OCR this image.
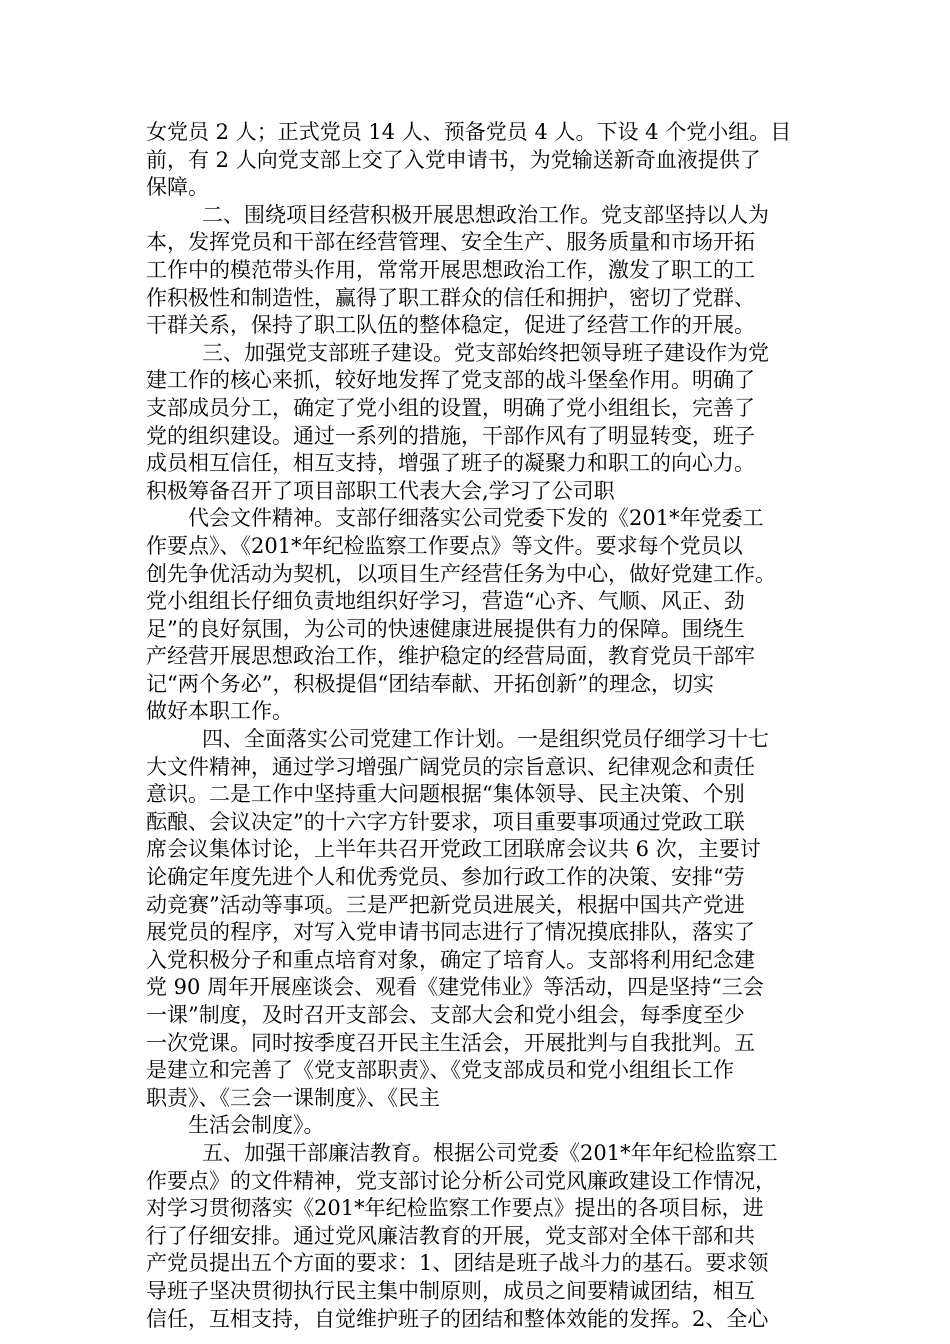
女党员 2 人；正式党员 14 人、预备党员 4 人。下设 4 个党小组。目
前，有 2 人向党支部上交了入党申请书，为党输送新奇血液提供了
保障。
二、围绕项目经营积极开展思想政治工作。党支部坚持以人为
本，发挥党员和干部在经营管理、安全生产、服务质量和市场开拓
工作中的模范带头作用，常常开展思想政治工作，激发了职工的工
作积极性和制造性，赢得了职工群众的信任和拥护，密切了党群、
干群关系，保持了职工队伍的整体稳定，促进了经营工作的开展。
三、加强党支部班子建设。党支部始终把领导班子建设作为党
建工作的核心来抓，较好地发挥了党支部的战斗堡垒作用。明确了
支部成员分工，确定了党小组的设置，明确了党小组组长，完善了
党的组织建设。通过一系列的措施，干部作风有了明显转变，班子
成员相互信任，相互支持，增强了班子的凝聚力和职工的向心力。
积极筹备召开了项目部职工代表大会,学习了公司职
代会文件精神。支部仔细落实公司党委下发的《201*年党委工
作要点》、《201*年纪检监察工作要点》等文件。要求每个党员以
创先争优活动为契机，以项目生产经营任务为中心，做好党建工作。
党小组组长仔细负责地组织好学习，营造“心齐、气顺、风正、劲
足”的良好氛围，为公司的快速健康进展提供有力的保障。围绕生
产经营开展思想政治工作，维护稳定的经营局面，教育党员干部牢
记“两个务必”，积极提倡“团结奉献、开拓创新”的理念，切实
做好本职工作。
四、全面落实公司党建工作计划。一是组织党员仔细学习十七
大文件精神，通过学习增强广阔党员的宗旨意识、纪律观念和责任
意识。二是工作中坚持重大问题根据“集体领导、民主决策、个别
酝酿、会议决定”的十六字方针要求，项目重要事项通过党政工联
席会议集体讨论，上半年共召开党政工团联席会议共 6 次，主要讨
论确定年度先进个人和优秀党员、参加行政工作的决策、安排“劳
动竞赛”活动等事项。三是严把新党员进展关，根据中国共产党进
展党员的程序，对写入党申请书同志进行了情况摸底排队，落实了
入党积极分子和重点培育对象，确定了培育人。支部将利用纪念建
党 90 周年开展座谈会、观看《建党伟业》等活动，四是坚持“三会
一课”制度，及时召开支部会、支部大会和党小组会，每季度至少
一次党课。同时按季度召开民主生活会，开展批判与自我批判。五
是建立和完善了《党支部职责》、《党支部成员和党小组组长工作
职责》、《三会一课制度》、《民主
生活会制度》。
五、加强干部廉洁教育。根据公司党委《201*年年纪检监察工
作要点》的文件精神，党支部讨论分析公司党风廉政建设工作情况，
对学习贯彻落实《201*年纪检监察工作要点》提出的各项目标，进
行了仔细安排。通过党风廉洁教育的开展，党支部对全体干部和共
产党员提出五个方面的要求：1、团结是班子战斗力的基石。要求领
导班子坚决贯彻执行民主集中制原则，成员之间要精诚团结，相互
信任，互相支持，自觉维护班子的团结和整体效能的发挥。2、全心
